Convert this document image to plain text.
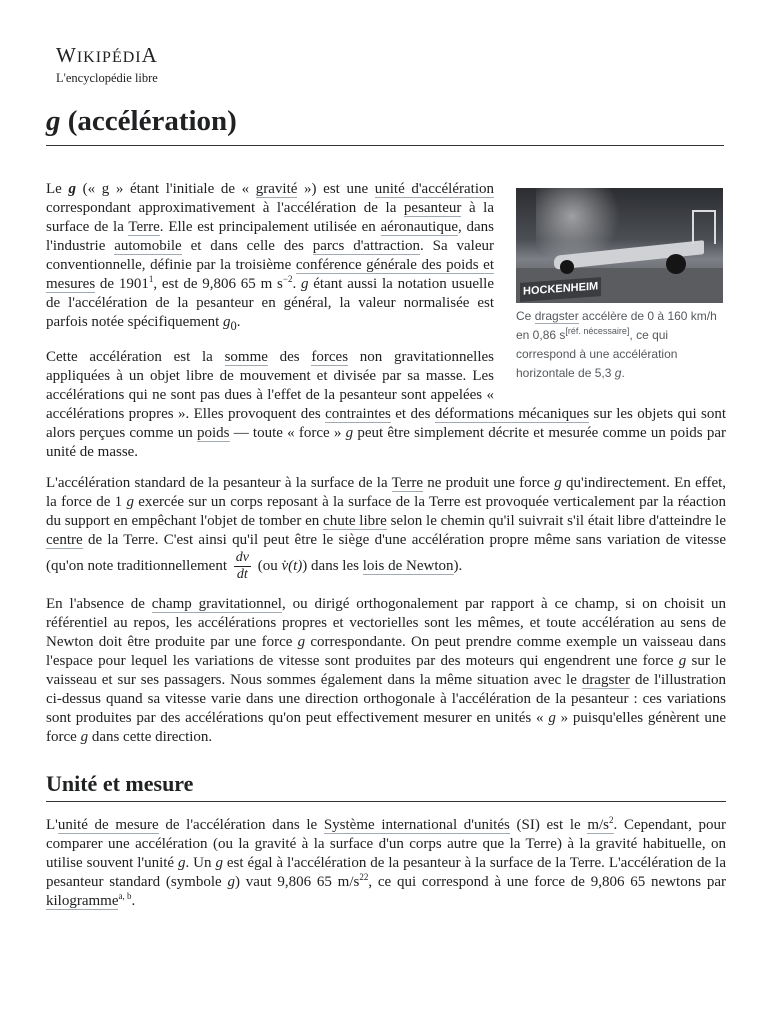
WIKIPÉDIA
L'encyclopédie libre
g (accélération)
HOCKENHEIM
Ce dragster accélère de 0 à 160 km/h en 0,86 s[réf. nécessaire], ce qui correspond à une accélération horizontale de 5,3 g.

Le g (« g » étant l'initiale de « gravité ») est une unité d'accélération correspondant approximativement à l'accélération de la pesanteur à la surface de la Terre. Elle est principalement utilisée en aéronautique, dans l'industrie automobile et dans celle des parcs d'attraction. Sa valeur conventionnelle, définie par la troisième conférence générale des poids et mesures de 1901$^1$, est de 9,806 65 m $s^{-2}$. g étant aussi la notation usuelle de l'accélération de la pesanteur en général, la valeur normalisée est parfois notée spécifiquement $g_0$.

Cette accélération est la somme des forces non gravitationnelles appliquées à un objet libre de mouvement et divisée par sa masse. Les accélérations qui ne sont pas dues à l'effet de la pesanteur sont appelées « accélérations propres ». Elles provoquent des contraintes et des déformations mécaniques sur les objets qui sont alors perçues comme un poids — toute « force » g peut être simplement décrite et mesurée comme un poids par unité de masse.

L'accélération standard de la pesanteur à la surface de la Terre ne produit une force g qu'indirectement. En effet, la force de 1 g exercée sur un corps reposant à la surface de la Terre est provoquée verticalement par la réaction du support en empêchant l'objet de tomber en chute libre selon le chemin qu'il suivrait s'il était libre d'atteindre le centre de la Terre. C'est ainsi qu'il peut être le siège d'une accélération propre même sans variation de vitesse (qu'on note traditionnellement $\frac{dv}{dt} (ou$ v̇(t)) dans les lois de Newton).

En l'absence de champ gravitationnel, ou dirigé orthogonalement par rapport à ce champ, si on choisit un référentiel au repos, les accélérations propres et vectorielles sont les mêmes, et toute accélération au sens de Newton doit être produite par une force g correspondante. On peut prendre comme exemple un vaisseau dans l'espace pour lequel les variations de vitesse sont produites par des moteurs qui engendrent une force g sur le vaisseau et sur ses passagers. Nous sommes également dans la même situation avec le dragster de l'illustration ci-dessus quand sa vitesse varie dans une direction orthogonale à l'accélération de la pesanteur : ces variations sont produites par des accélérations qu'on peut effectivement mesurer en unités « g » puisqu'elles génèrent une force g dans cette direction.

Unité et mesure

L'unité de mesure de l'accélération dans le Système international d'unités (SI) est le $m/s^2$. Cependant, pour comparer une accélération (ou la gravité à la surface d'un corps autre que la Terre) à la gravité habituelle, on utilise souvent l'unité g. Un g est égal à l'accélération de la pesanteur à la surface de la Terre. L'accélération de la pesanteur standard (symbole g) vaut 9,806 65 $m/s^{22}$, ce qui correspond à une force de 9,806 65 newtons par kilogramme$^{a, b}$.
